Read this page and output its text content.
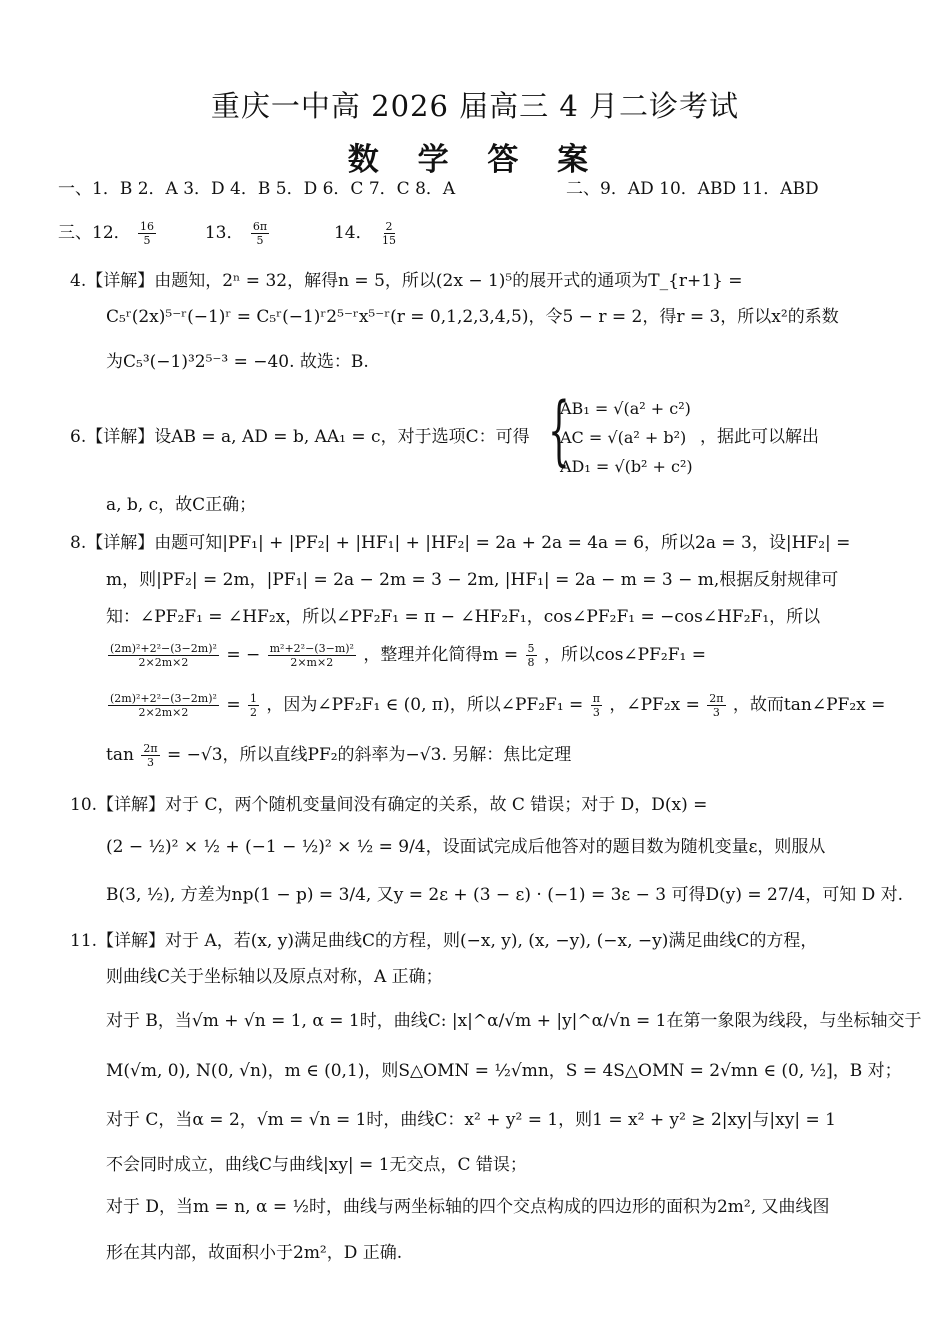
重庆一中高 2026 届高三 4 月二诊考试
数 学 答 案
一、1．B 2．A 3．D 4．B 5．D 6．C 7．C 8．A	二、9．AD 10．ABD 11．ABD
三、12． $\frac{16}{5}$	13． $\frac{6\pi}{5}$	14． $\frac{2}{15}$
4.【详解】由题知，2ⁿ = 32，解得n = 5，所以(2x − 1)⁵的展开式的通项为T_{r+1} =
C₅ʳ(2x)⁵⁻ʳ(−1)ʳ = C₅ʳ(−1)ʳ2⁵⁻ʳx⁵⁻ʳ(r = 0,1,2,3,4,5)，令5 − r = 2，得r = 3，所以x²的系数
为C₅³(−1)³2⁵⁻³ = −40. 故选：B.
6.【详解】设AB = a, AD = b, AA₁ = c，对于选项C：可得 {
AB₁ = √(a² + c²)
AC = √(a² + b²)
AD₁ = √(b² + c²)
，据此可以解出
a, b, c，故C正确；
8.【详解】由题可知|PF₁| + |PF₂| + |HF₁| + |HF₂| = 2a + 2a = 4a = 6，所以2a = 3，设|HF₂| =
m，则|PF₂| = 2m，|PF₁| = 2a − 2m = 3 − 2m, |HF₁| = 2a − m = 3 − m,根据反射规律可
知：∠PF₂F₁ = ∠HF₂x，所以∠PF₂F₁ = π − ∠HF₂F₁，cos∠PF₂F₁ = −cos∠HF₂F₁，所以
$\frac{\text{(2m)²+2²−(3−2m)²}}{2\times 2m\times 2}$ = − $\frac{\text{m²+2²−(3−m)²}}{2\times m\times 2}$ ，整理并化简得$m = \frac{5}{8}$ ，所以cos∠PF₂F₁ =
$\frac{\text{(2m)²+2²−(3−2m)²}}{2\times 2m\times 2} = \frac{1}{2}$ ，因为∠PF₂F₁ ∈ (0, π)，所以∠PF₂F₁ = $\frac{\pi}{3}$ ，∠PF₂x = $\frac{2\pi}{3}$ ，故而tan∠PF₂x =
$\tan \frac{2\pi}{3} = -√3$，所以直线PF₂的斜率为−√3. 另解：焦比定理
10.【详解】对于 C，两个随机变量间没有确定的关系，故 C 错误；对于 D，D(x) =
(2 − ½)² × ½ + (−1 − ½)² × ½ = 9/4，设面试完成后他答对的题目数为随机变量ε，则服从
B(3, ½), 方差为np(1 − p) = 3/4, 又y = 2ε + (3 − ε) · (−1) = 3ε − 3 可得D(y) = 27/4，可知 D 对.
11.【详解】对于 A，若(x, y)满足曲线C的方程，则(−x, y), (x, −y), (−x, −y)满足曲线C的方程，
则曲线C关于坐标轴以及原点对称，A 正确；
对于 B，当√m + √n = 1, α = 1时，曲线C: |x|^α/√m + |y|^α/√n = 1在第一象限为线段，与坐标轴交于
M(√m, 0), N(0, √n)，m ∈ (0,1)，则S△OMN = ½√mn，S = 4S△OMN = 2√mn ∈ (0, ½]，B 对；
对于 C，当α = 2，√m = √n = 1时，曲线C：x² + y² = 1，则1 = x² + y² ≥ 2|xy|与|xy| = 1
不会同时成立，曲线C与曲线|xy| = 1无交点，C 错误；
对于 D，当m = n, α = ½时，曲线与两坐标轴的四个交点构成的四边形的面积为2m², 又曲线图
形在其内部，故面积小于2m²，D 正确.
